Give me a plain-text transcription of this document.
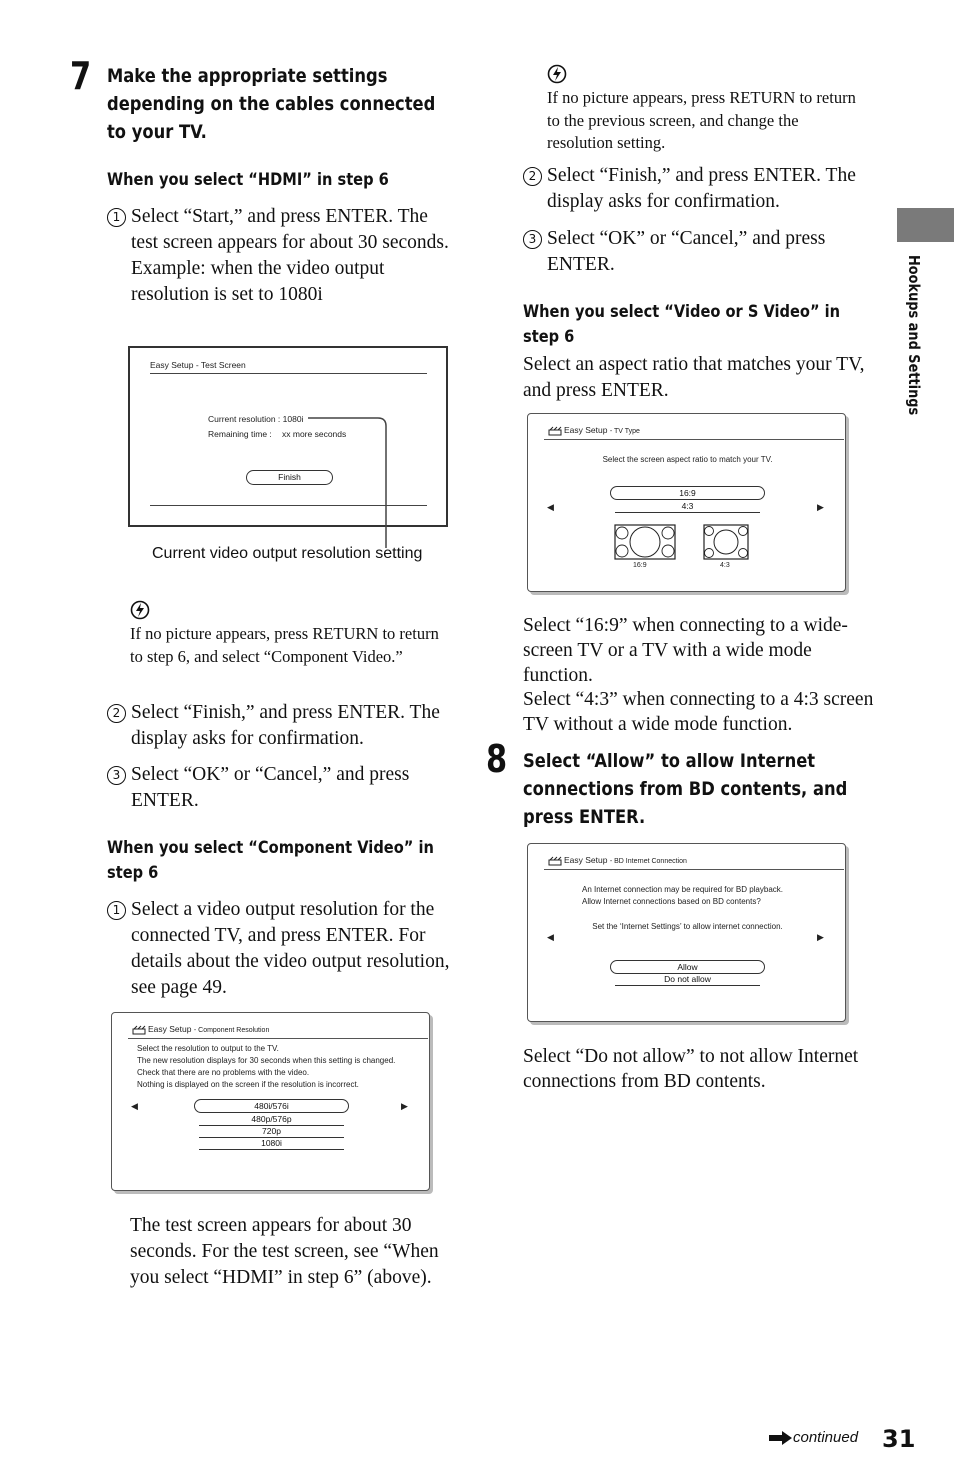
7 Make the appropriate settings depending on the cables connected to your TV.
When you select “HDMI” in step 6
1 Select “Start,” and press ENTER. The test screen appears for about 30 seconds.
Example: when the video output resolution is set to 1080i
Easy Setup - Test Screen
Current resolution : 1080i
Remaining time : xx more seconds
Finish
Current video output resolution setting
If no picture appears, press RETURN to return to step 6, and select “Component Video.”
2 Select “Finish,” and press ENTER. The display asks for confirmation.
3 Select “OK” or “Cancel,” and press ENTER.
When you select “Component Video” in step 6
1 Select a video output resolution for the connected TV, and press ENTER. For details about the video output resolution, see page 49.
Easy Setup - Component Resolution
Select the resolution to output to the TV.
The new resolution displays for 30 seconds when this setting is changed.
Check that there are no problems with the video.
Nothing is displayed on the screen if the resolution is incorrect.
◀	▶
480i/576i
480p/576p
720p
1080i
The test screen appears for about 30 seconds. For the test screen, see “When you select “HDMI” in step 6” (above).
If no picture appears, press RETURN to return to the previous screen, and change the resolution setting.
2 Select “Finish,” and press ENTER. The display asks for confirmation.
3 Select “OK” or “Cancel,” and press ENTER.
When you select “Video or S Video” in step 6
Select an aspect ratio that matches your TV, and press ENTER.
Easy Setup - TV Type
Select the screen aspect ratio to match your TV.
◀	▶
16:9
4:3
16:9	4:3
Select “16:9” when connecting to a wide-screen TV or a TV with a wide mode function.
Select “4:3” when connecting to a 4:3 screen TV without a wide mode function.
8 Select “Allow” to allow Internet connections from BD contents, and press ENTER.
Easy Setup - BD Internet Connection
An Internet connection may be required for BD playback.
Allow Internet connections based on BD contents?
Set the ‘Internet Settings’ to allow internet connection.
◀	▶
Allow
Do not allow
Select “Do not allow” to not allow Internet connections from BD contents.
Hookups and Settings
continued 31
